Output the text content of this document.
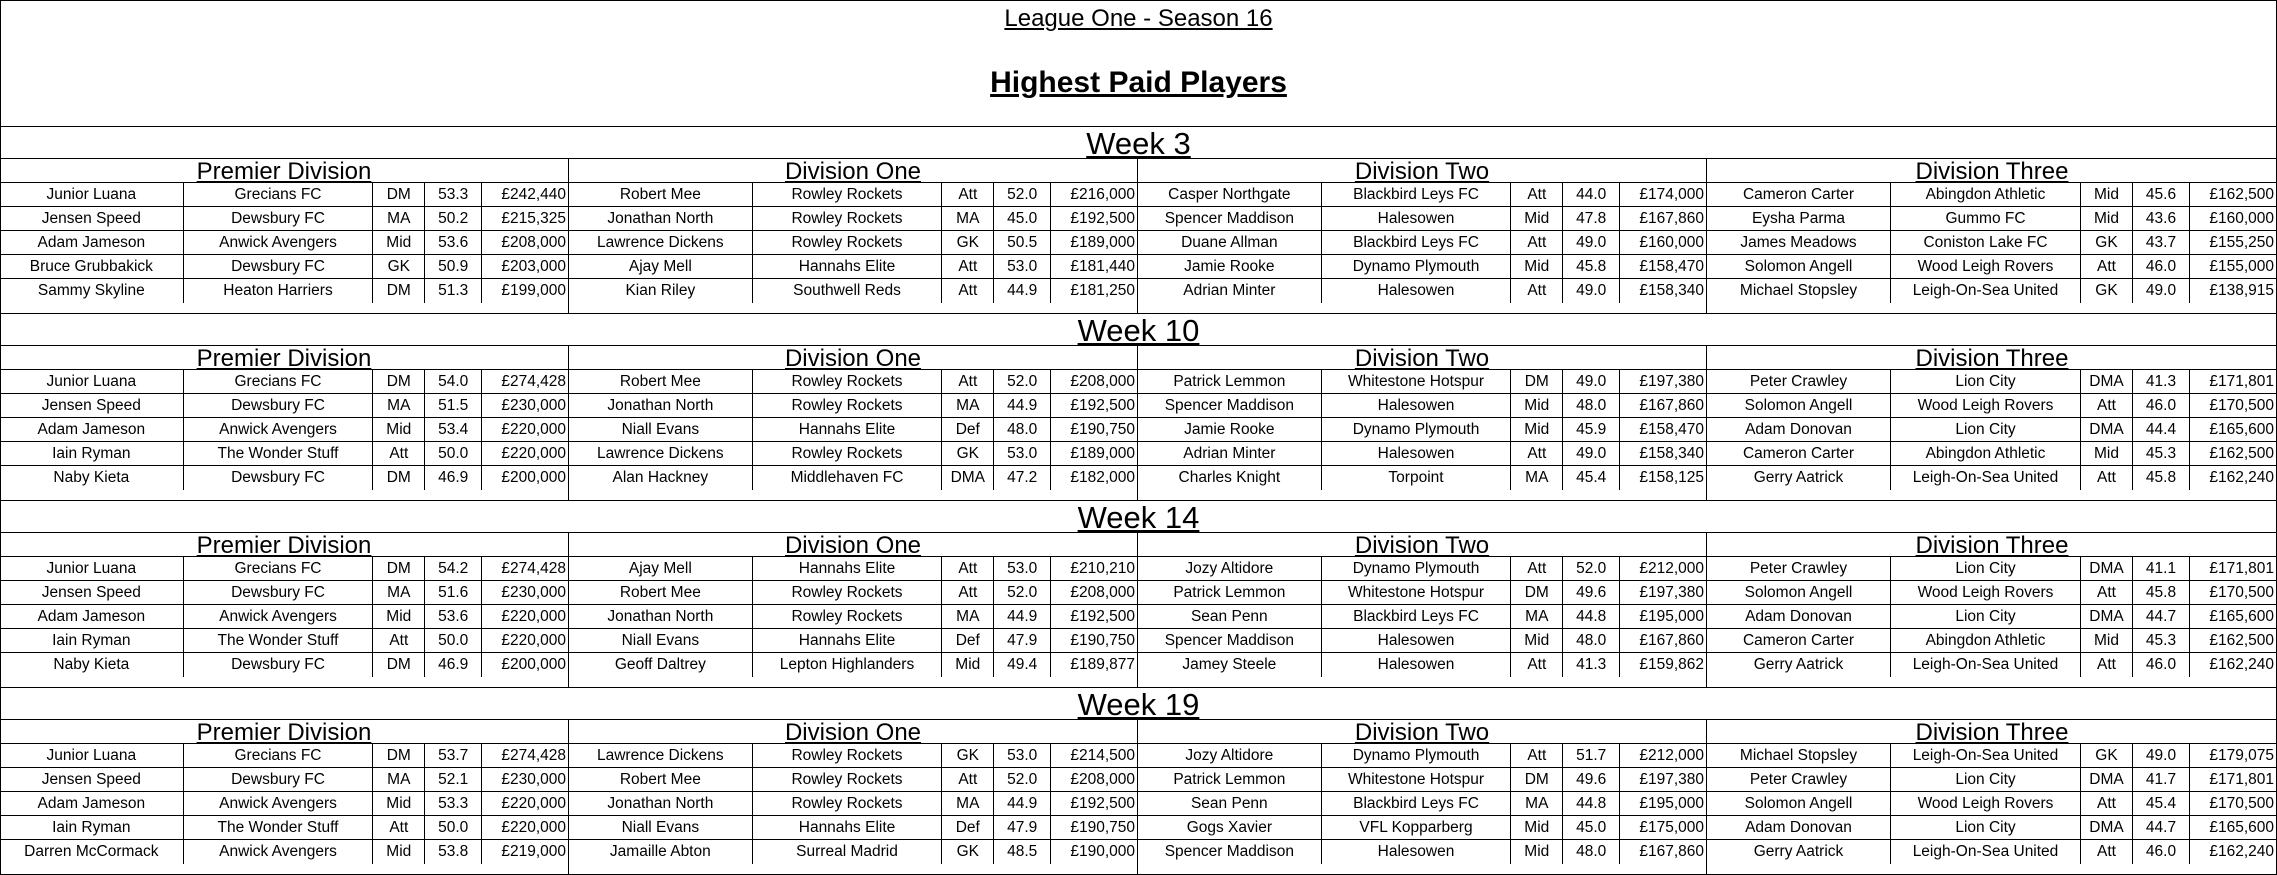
League One - Season 16
Highest Paid Players
Week 3
Premier Division
Junior Luana	Grecians FC	DM	53.3	£242,440
Jensen Speed	Dewsbury FC	MA	50.2	£215,325
Adam Jameson	Anwick Avengers	Mid	53.6	£208,000
Bruce Grubbakick	Dewsbury FC	GK	50.9	£203,000
Sammy Skyline	Heaton Harriers	DM	51.3	£199,000
Division One
Robert Mee	Rowley Rockets	Att	52.0	£216,000
Jonathan North	Rowley Rockets	MA	45.0	£192,500
Lawrence Dickens	Rowley Rockets	GK	50.5	£189,000
Ajay Mell	Hannahs Elite	Att	53.0	£181,440
Kian Riley	Southwell Reds	Att	44.9	£181,250
Division Two
Casper Northgate	Blackbird Leys FC	Att	44.0	£174,000
Spencer Maddison	Halesowen	Mid	47.8	£167,860
Duane Allman	Blackbird Leys FC	Att	49.0	£160,000
Jamie Rooke	Dynamo Plymouth	Mid	45.8	£158,470
Adrian Minter	Halesowen	Att	49.0	£158,340
Division Three
Cameron Carter	Abingdon Athletic	Mid	45.6	£162,500
Eysha Parma	Gummo FC	Mid	43.6	£160,000
James Meadows	Coniston Lake FC	GK	43.7	£155,250
Solomon Angell	Wood Leigh Rovers	Att	46.0	£155,000
Michael Stopsley	Leigh-On-Sea United	GK	49.0	£138,915
Week 10
Premier Division
Junior Luana	Grecians FC	DM	54.0	£274,428
Jensen Speed	Dewsbury FC	MA	51.5	£230,000
Adam Jameson	Anwick Avengers	Mid	53.4	£220,000
Iain Ryman	The Wonder Stuff	Att	50.0	£220,000
Naby Kieta	Dewsbury FC	DM	46.9	£200,000
Division One
Robert Mee	Rowley Rockets	Att	52.0	£208,000
Jonathan North	Rowley Rockets	MA	44.9	£192,500
Niall Evans	Hannahs Elite	Def	48.0	£190,750
Lawrence Dickens	Rowley Rockets	GK	53.0	£189,000
Alan Hackney	Middlehaven FC	DMA	47.2	£182,000
Division Two
Patrick Lemmon	Whitestone Hotspur	DM	49.0	£197,380
Spencer Maddison	Halesowen	Mid	48.0	£167,860
Jamie Rooke	Dynamo Plymouth	Mid	45.9	£158,470
Adrian Minter	Halesowen	Att	49.0	£158,340
Charles Knight	Torpoint	MA	45.4	£158,125
Division Three
Peter Crawley	Lion City	DMA	41.3	£171,801
Solomon Angell	Wood Leigh Rovers	Att	46.0	£170,500
Adam Donovan	Lion City	DMA	44.4	£165,600
Cameron Carter	Abingdon Athletic	Mid	45.3	£162,500
Gerry Aatrick	Leigh-On-Sea United	Att	45.8	£162,240
Week 14
Premier Division
Junior Luana	Grecians FC	DM	54.2	£274,428
Jensen Speed	Dewsbury FC	MA	51.6	£230,000
Adam Jameson	Anwick Avengers	Mid	53.6	£220,000
Iain Ryman	The Wonder Stuff	Att	50.0	£220,000
Naby Kieta	Dewsbury FC	DM	46.9	£200,000
Division One
Ajay Mell	Hannahs Elite	Att	53.0	£210,210
Robert Mee	Rowley Rockets	Att	52.0	£208,000
Jonathan North	Rowley Rockets	MA	44.9	£192,500
Niall Evans	Hannahs Elite	Def	47.9	£190,750
Geoff Daltrey	Lepton Highlanders	Mid	49.4	£189,877
Division Two
Jozy Altidore	Dynamo Plymouth	Att	52.0	£212,000
Patrick Lemmon	Whitestone Hotspur	DM	49.6	£197,380
Sean Penn	Blackbird Leys FC	MA	44.8	£195,000
Spencer Maddison	Halesowen	Mid	48.0	£167,860
Jamey Steele	Halesowen	Att	41.3	£159,862
Division Three
Peter Crawley	Lion City	DMA	41.1	£171,801
Solomon Angell	Wood Leigh Rovers	Att	45.8	£170,500
Adam Donovan	Lion City	DMA	44.7	£165,600
Cameron Carter	Abingdon Athletic	Mid	45.3	£162,500
Gerry Aatrick	Leigh-On-Sea United	Att	46.0	£162,240
Week 19
Premier Division
Junior Luana	Grecians FC	DM	53.7	£274,428
Jensen Speed	Dewsbury FC	MA	52.1	£230,000
Adam Jameson	Anwick Avengers	Mid	53.3	£220,000
Iain Ryman	The Wonder Stuff	Att	50.0	£220,000
Darren McCormack	Anwick Avengers	Mid	53.8	£219,000
Division One
Lawrence Dickens	Rowley Rockets	GK	53.0	£214,500
Robert Mee	Rowley Rockets	Att	52.0	£208,000
Jonathan North	Rowley Rockets	MA	44.9	£192,500
Niall Evans	Hannahs Elite	Def	47.9	£190,750
Jamaille Abton	Surreal Madrid	GK	48.5	£190,000
Division Two
Jozy Altidore	Dynamo Plymouth	Att	51.7	£212,000
Patrick Lemmon	Whitestone Hotspur	DM	49.6	£197,380
Sean Penn	Blackbird Leys FC	MA	44.8	£195,000
Gogs Xavier	VFL Kopparberg	Mid	45.0	£175,000
Spencer Maddison	Halesowen	Mid	48.0	£167,860
Division Three
Michael Stopsley	Leigh-On-Sea United	GK	49.0	£179,075
Peter Crawley	Lion City	DMA	41.7	£171,801
Solomon Angell	Wood Leigh Rovers	Att	45.4	£170,500
Adam Donovan	Lion City	DMA	44.7	£165,600
Gerry Aatrick	Leigh-On-Sea United	Att	46.0	£162,240
